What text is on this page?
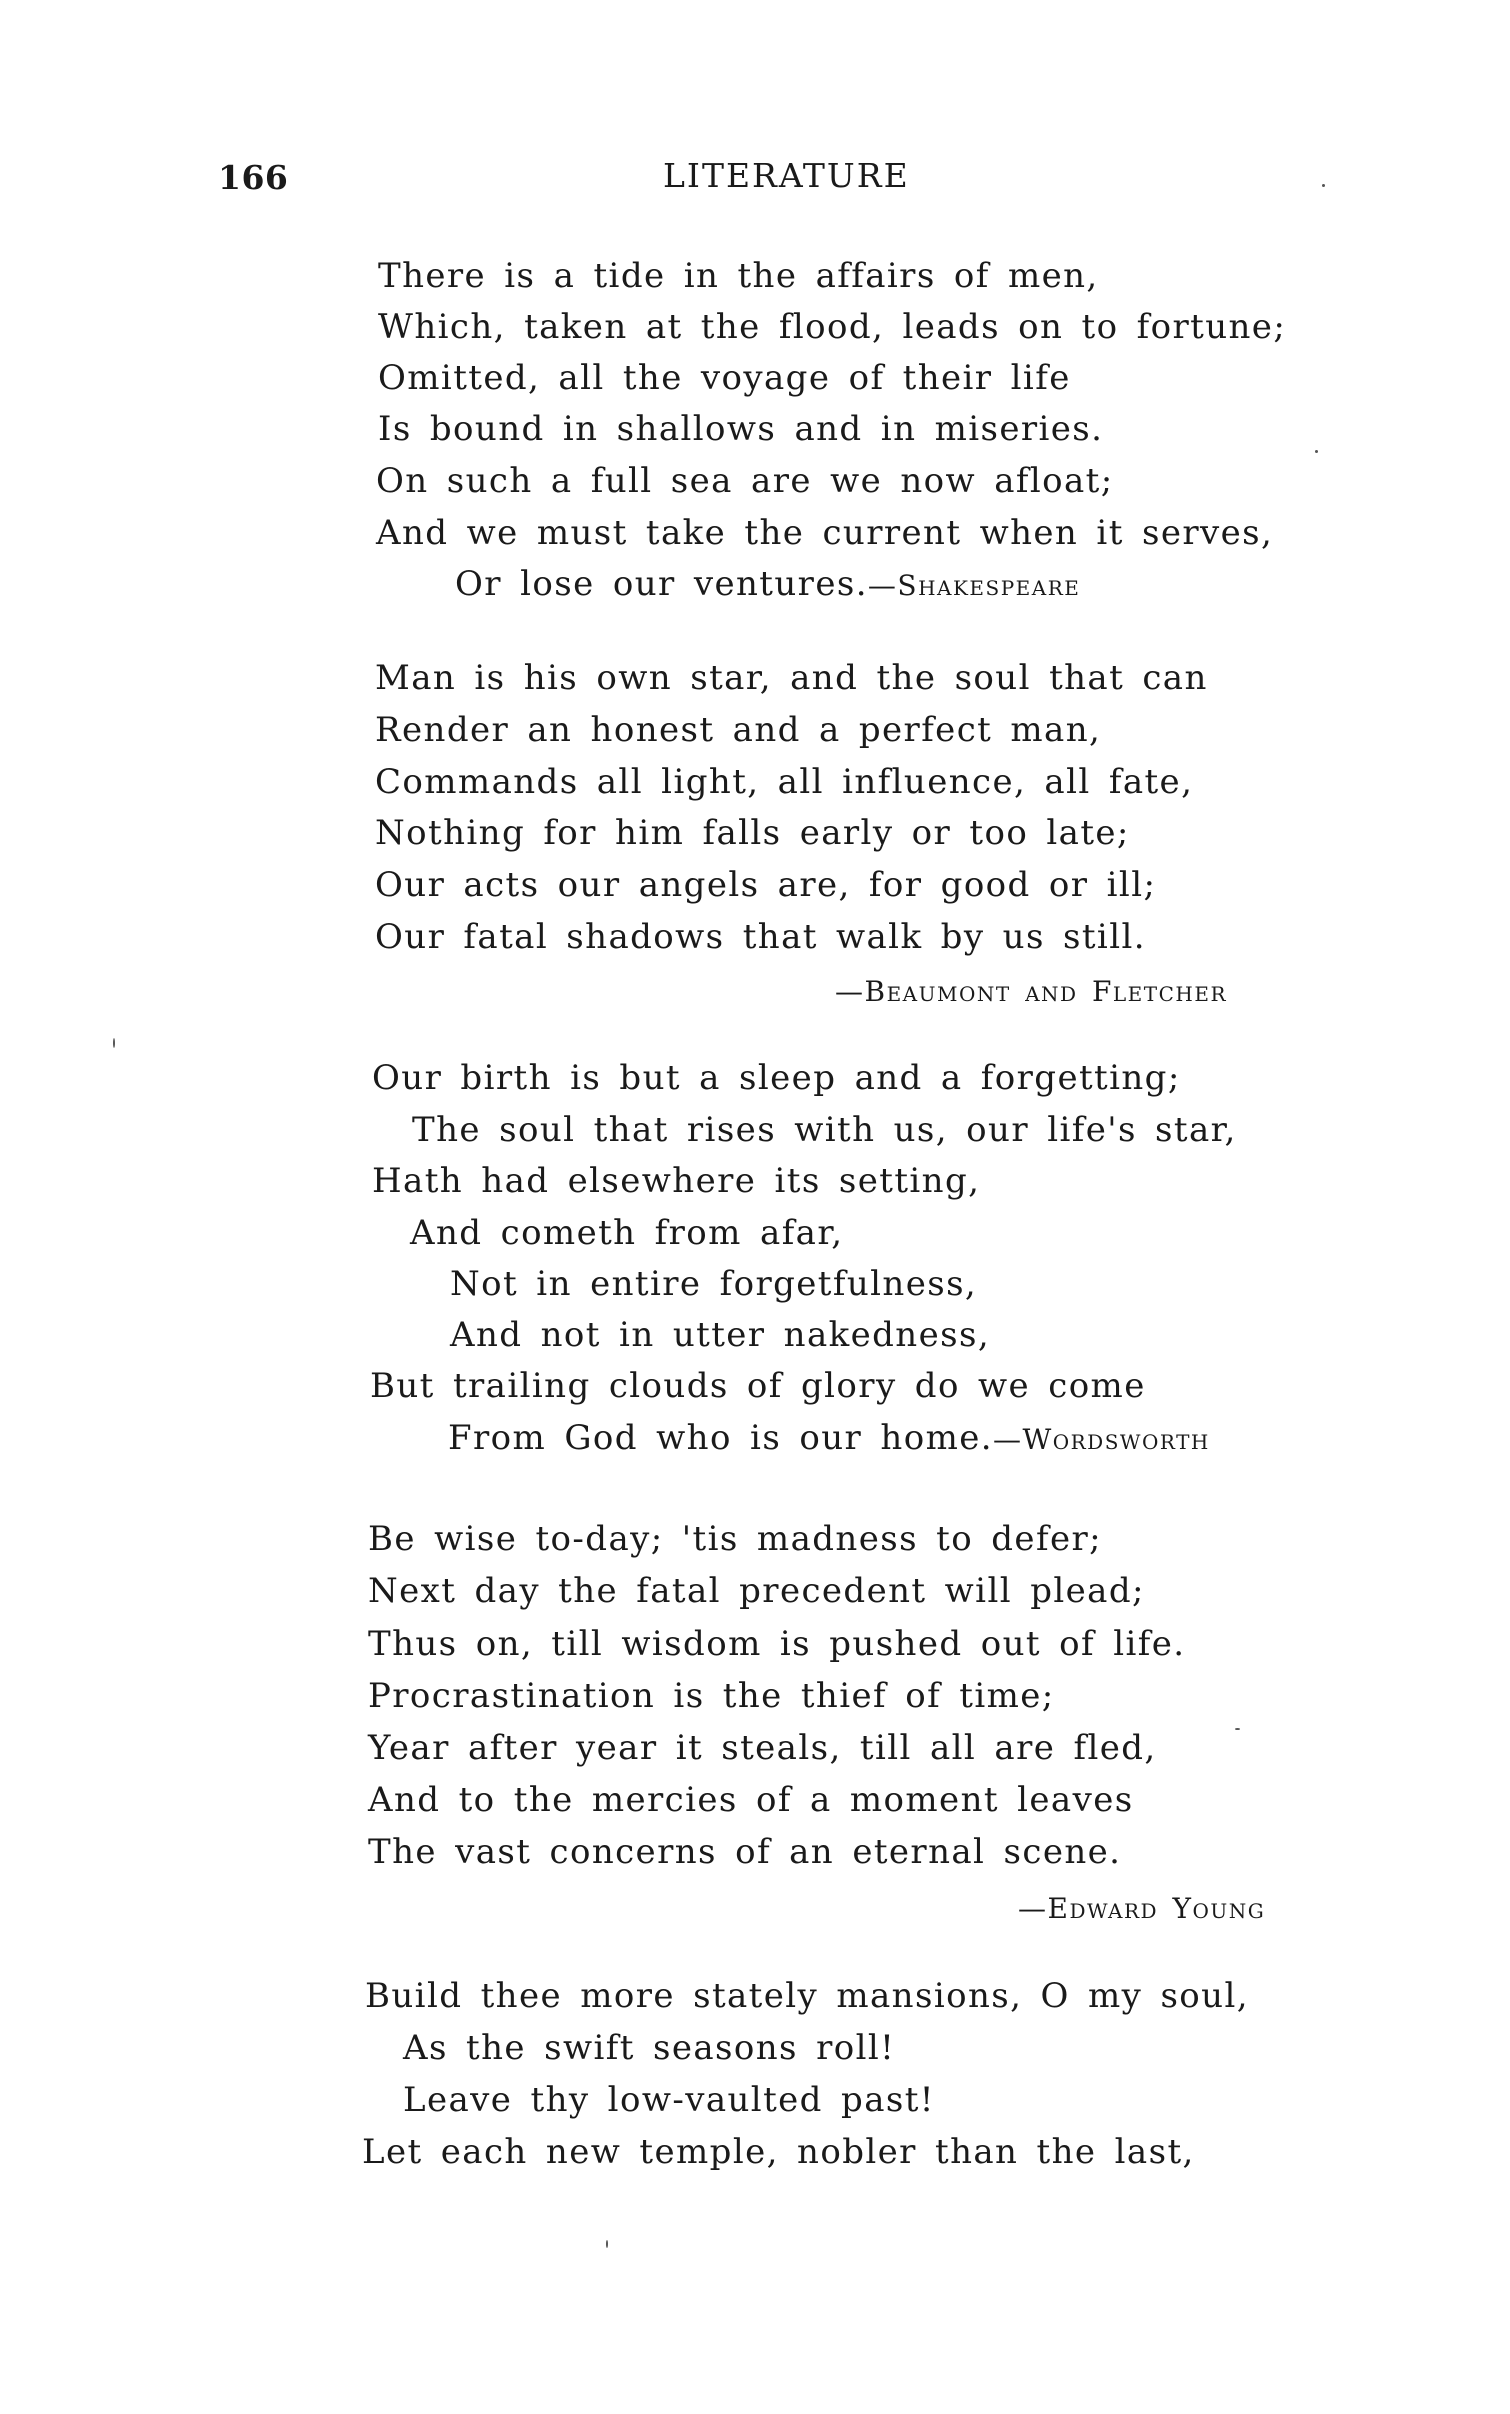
166	LITERATURE
There is a tide in the affairs of men,
Which, taken at the flood, leads on to fortune;
Omitted, all the voyage of their life
Is bound in shallows and in miseries.
On such a full sea are we now afloat;
And we must take the current when it serves,
Or lose our ventures.—Shakespeare
Man is his own star, and the soul that can
Render an honest and a perfect man,
Commands all light, all influence, all fate,
Nothing for him falls early or too late;
Our acts our angels are, for good or ill;
Our fatal shadows that walk by us still.
—Beaumont and Fletcher
Our birth is but a sleep and a forgetting;
The soul that rises with us, our life's star,
Hath had elsewhere its setting,
And cometh from afar,
Not in entire forgetfulness,
And not in utter nakedness,
But trailing clouds of glory do we come
From God who is our home.—Wordsworth
Be wise to-day; 'tis madness to defer;
Next day the fatal precedent will plead;
Thus on, till wisdom is pushed out of life.
Procrastination is the thief of time;
Year after year it steals, till all are fled,
And to the mercies of a moment leaves
The vast concerns of an eternal scene.
—Edward Young
Build thee more stately mansions, O my soul,
As the swift seasons roll!
Leave thy low-vaulted past!
Let each new temple, nobler than the last,
